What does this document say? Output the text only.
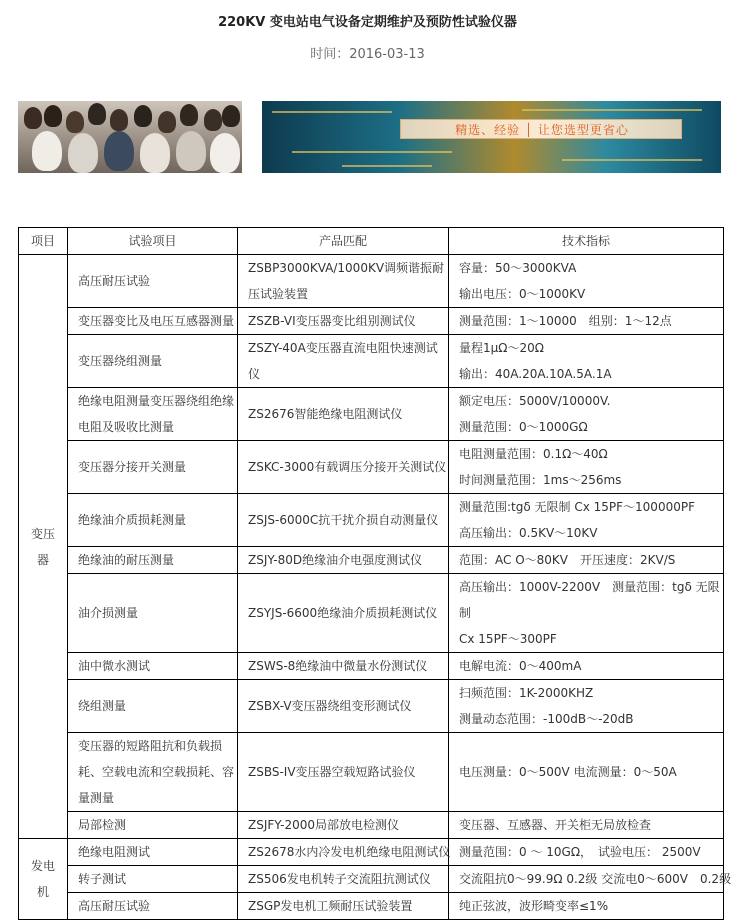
220KV 变电站电气设备定期维护及预防性试验仪器
时间：2016-03-13
精选、经验 │ 让您选型更省心
项目	试验项目	产品匹配	技术指标

变压
器	高压耐压试验	ZSBP3000KVA/1000KV调频谐振耐
压试验装置	容量：50～3000KVA
输出电压：0～1000KV

	变压器变比及电压互感器测量	ZSZB-VI变压器变比组别测试仪	测量范围：1～10000　组别：1～12点

	变压器绕组测量	ZSZY-40A变压器直流电阻快速测试
仪	量程1μΩ～20Ω
输出：40A.20A.10A.5A.1A

	绝缘电阻测量变压器绕组绝缘
电阻及吸收比测量	ZS2676智能绝缘电阻测试仪	额定电压：5000V/10000V.
测量范围：0～1000GΩ

	变压器分接开关测量	ZSKC-3000有载调压分接开关测试仪	电阻测量范围：0.1Ω～40Ω
时间测量范围：1ms～256ms

	绝缘油介质损耗测量	ZSJS-6000C抗干扰介损自动测量仪	测量范围:tgδ 无限制 Cx 15PF～100000PF
高压输出：0.5KV～10KV

	绝缘油的耐压测量	ZSJY-80D绝缘油介电强度测试仪	范围：AC O～80KV　开压速度：2KV/S

	油介损测量	ZSYJS-6600绝缘油介质损耗测试仪	高压输出：1000V-2200V　测量范围：tgδ 无限
制
Cx 15PF～300PF

	油中微水测试	ZSWS-8绝缘油中微量水份测试仪	电解电流：0～400mA

	绕组测量	ZSBX-V变压器绕组变形测试仪	扫频范围：1K-2000KHZ
测量动态范围：-100dB～-20dB

	变压器的短路阻抗和负载损
耗、空载电流和空载损耗、容
量测量	ZSBS-IV变压器空载短路试验仪	电压测量：0～500V 电流测量：0～50A

	局部检测	ZSJFY-2000局部放电检测仪	变压器、互感器、开关柜无局放检查

发电
机	绝缘电阻测试	ZS2678水内冷发电机绝缘电阻测试仪	测量范围：0 ～ 10GΩ，　试验电压： 2500V

	转子测试	ZS506发电机转子交流阻抗测试仪	交流阻抗0～99.9Ω 0.2级 交流电0～600V　0.2级

	高压耐压试验	ZSGP发电机工频耐压试验装置	纯正弦波，波形畸变率≤1%
